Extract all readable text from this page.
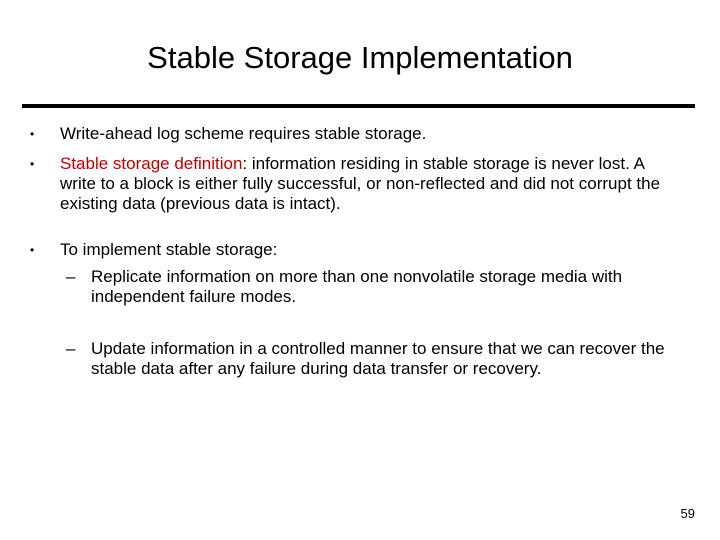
Stable Storage Implementation
• Write-ahead log scheme requires stable storage.
• Stable storage definition: information residing in stable storage is never lost. A write to a block is either fully successful, or non-reflected and did not corrupt the existing data (previous data is intact).
• To implement stable storage:
– Replicate information on more than one nonvolatile storage media with independent failure modes.
– Update information in a controlled manner to ensure that we can recover the stable data after any failure during data transfer or recovery.
59
